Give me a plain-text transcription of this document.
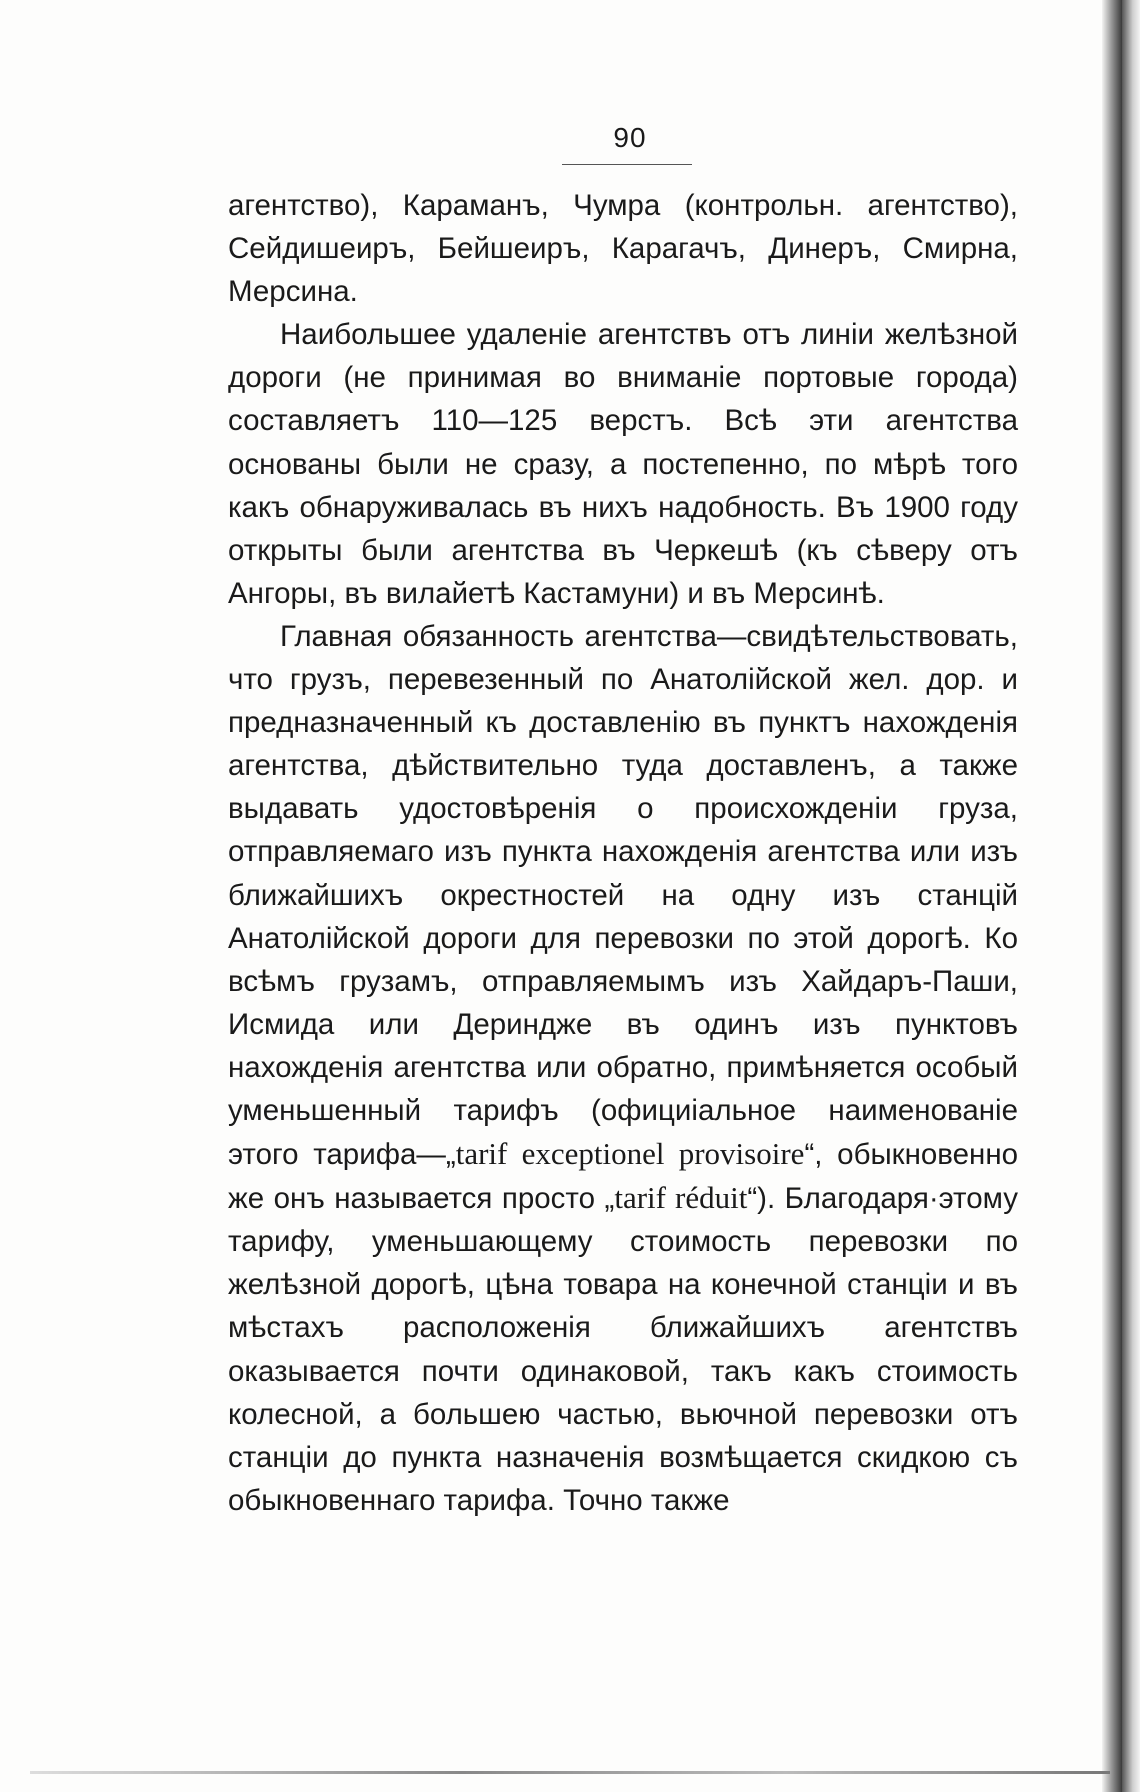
90

агентство), Караманъ, Чумра (контрольн. агентство), Сейдишеиръ, Бейшеиръ, Карагачъ, Динеръ, Смирна, Мерсина.

Наибольшее удаленіе агентствъ отъ линіи желѣзной дороги (не принимая во вниманіе портовые города) составляетъ 110—125 верстъ. Всѣ эти агентства основаны были не сразу, а постепенно, по мѣрѣ того какъ обнаруживалась въ нихъ надобность. Въ 1900 году открыты были агентства въ Черкешѣ (къ сѣверу отъ Ангоры, въ вилайетѣ Кастамуни) и въ Мерсинѣ.

Главная обязанность агентства—свидѣтельствовать, что грузъ, перевезенный по Анатолійской жел. дор. и предназначенный къ доставленію въ пунктъ нахожденія агентства, дѣйствительно туда доставленъ, а также выдавать удостовѣренія о происхожденіи груза, отправляемаго изъ пункта нахожденія агентства или изъ ближайшихъ окрестностей на одну изъ станцій Анатолійской дороги для перевозки по этой дорогѣ. Ко всѣмъ грузамъ, отправляемымъ изъ Хайдаръ-Паши, Исмида или Дериндже въ одинъ изъ пунктовъ нахожденія агентства или обратно, примѣняется особый уменьшенный тарифъ (официіальное наименованіе этого тарифа—„tarif exceptionel provisoire“, обыкновенно же онъ называется просто „tarif réduit“). Благодаря·этому тарифу, уменьшающему стоимость перевозки по желѣзной дорогѣ, цѣна товара на конечной станціи и въ мѣстахъ расположенія ближайшихъ агентствъ оказывается почти одинаковой, такъ какъ стоимость колесной, а большею частью, вьючной перевозки отъ станціи до пункта назначенія возмѣщается скидкою съ обыкновеннаго тарифа. Точно также
